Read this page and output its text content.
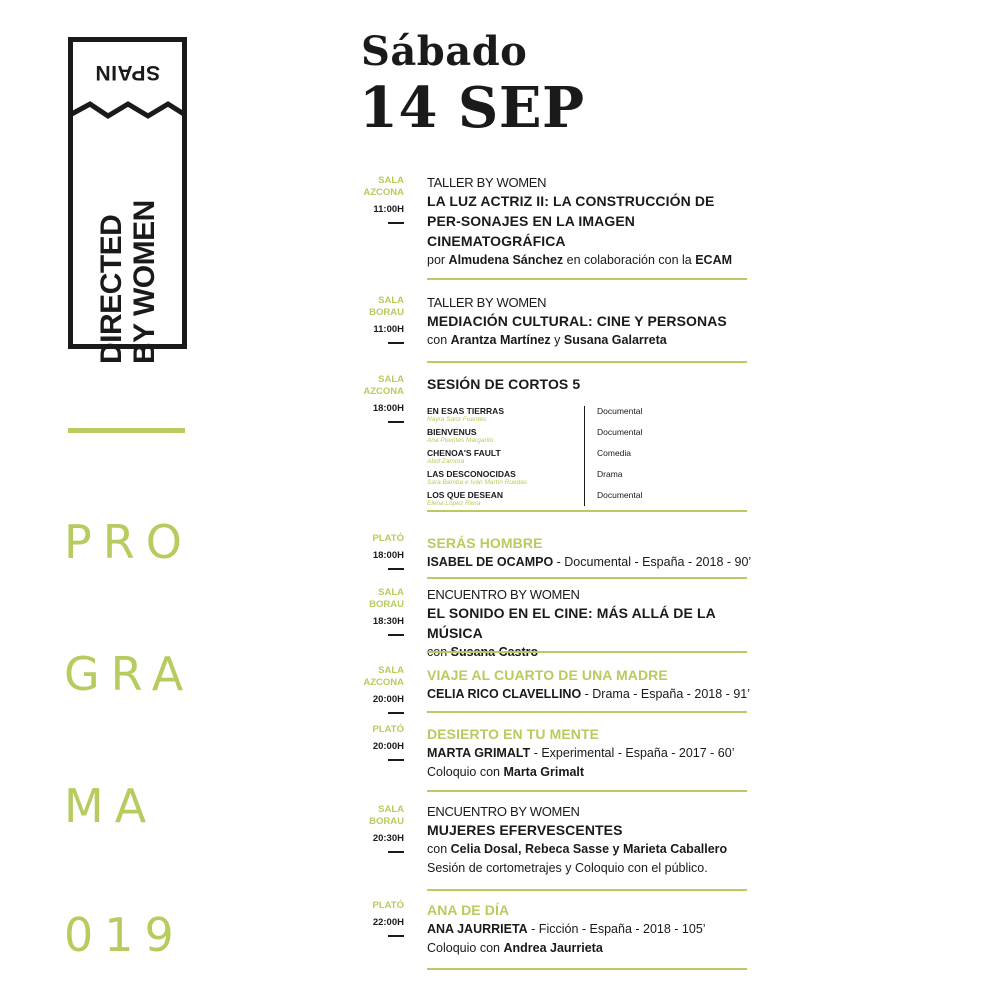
SPAIN
DIRECTED BY WOMEN
PRO
GRA
MA
019
Sábado
14 SEP
SALA
AZCONA
11:00H
TALLER BY WOMEN
LA LUZ ACTRIZ II: LA CONSTRUCCIÓN DE PER-SONAJES EN LA IMAGEN CINEMATOGRÁFICA
por Almudena Sánchez en colaboración con la ECAM
SALA
BORAU
11:00H
TALLER BY WOMEN
MEDIACIÓN CULTURAL: CINE Y PERSONAS
con Arantza Martínez y Susana Galarreta
SALA
AZCONA
18:00H
SESIÓN DE CORTOS 5
EN ESAS TIERRAS
Nayra Sanz Fuentes
Documental
BIENVENUS
Ana Puentes Margarito
Documental
CHENOA'S FAULT
Abril Zamora
Comedia
LAS DESCONOCIDAS
Sara Bamba e Iván Martín Ruedas
Drama
LOS QUE DESEAN
Elena López Riera
Documental
PLATÓ
18:00H
SERÁS HOMBRE
ISABEL DE OCAMPO - Documental - España - 2018 - 90’
SALA
BORAU
18:30H
ENCUENTRO BY WOMEN
EL SONIDO EN EL CINE: MÁS ALLÁ DE LA MÚSICA
SALA
AZCONA
20:00H
VIAJE AL CUARTO DE UNA MADRE
CELIA RICO CLAVELLINO - Drama - España - 2018 - 91’
PLATÓ
20:00H
DESIERTO EN TU MENTE
MARTA GRIMALT - Experimental - España - 2017 - 60’
Coloquio con Marta Grimalt
SALA
BORAU
20:30H
ENCUENTRO BY WOMEN
MUJERES EFERVESCENTES
con Celia Dosal, Rebeca Sasse y Marieta Caballero
Sesión de cortometrajes y Coloquio con el público.
PLATÓ
22:00H
ANA DE DÍA
ANA JAURRIETA - Ficción - España - 2018 - 105’
Coloquio con Andrea Jaurrieta
